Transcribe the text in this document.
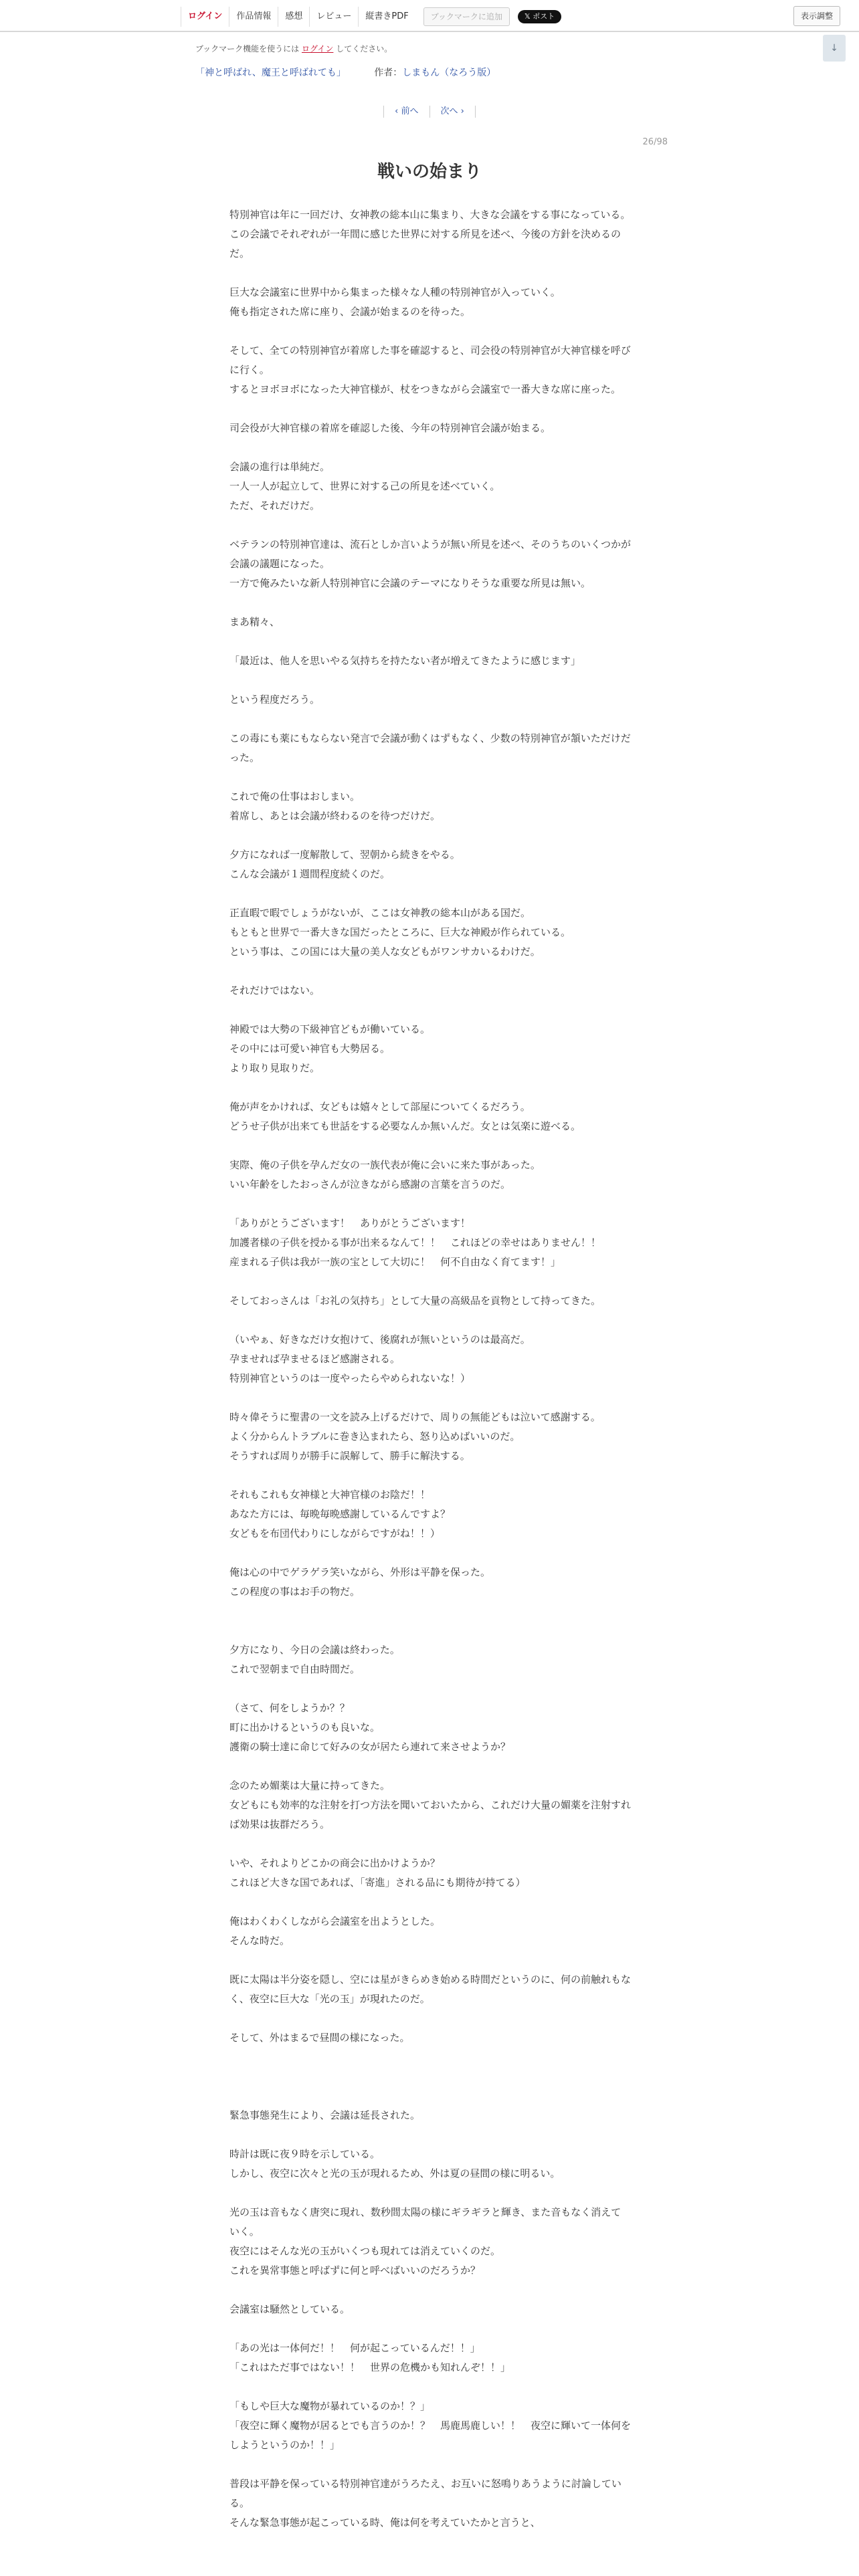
ログイン	作品情報	感想	レビュー	縦書きPDF	ブックマークに追加	𝕏 ポスト	表示調整
↓
ブックマーク機能を使うには ログイン してください。
「神と呼ばれ、魔王と呼ばれても」	作者：しまもん（なろう版）
‹ 前へ	次へ ›
26/98
戦いの始まり

特別神官は年に一回だけ、女神教の総本山に集まり、大きな会議をする事になっている。

この会議でそれぞれが一年間に感じた世界に対する所見を述べ、今後の方針を決めるのだ。

巨大な会議室に世界中から集まった様々な人種の特別神官が入っていく。

俺も指定された席に座り、会議が始まるのを待った。

そして、全ての特別神官が着席した事を確認すると、司会役の特別神官が大神官様を呼びに行く。

するとヨボヨボになった大神官様が、杖をつきながら会議室で一番大きな席に座った。

司会役が大神官様の着席を確認した後、今年の特別神官会議が始まる。

会議の進行は単純だ。

一人一人が起立して、世界に対する己の所見を述べていく。

ただ、それだけだ。

ベテランの特別神官達は、流石としか言いようが無い所見を述べ、そのうちのいくつかが会議の議題になった。

一方で俺みたいな新人特別神官に会議のテーマになりそうな重要な所見は無い。

まあ精々、

「最近は、他人を思いやる気持ちを持たない者が増えてきたように感じます」

という程度だろう。

この毒にも薬にもならない発言で会議が動くはずもなく、少数の特別神官が頷いただけだった。

これで俺の仕事はおしまい。

着席し、あとは会議が終わるのを待つだけだ。

夕方になれば一度解散して、翌朝から続きをやる。

こんな会議が１週間程度続くのだ。

正直暇で暇でしょうがないが、ここは女神教の総本山がある国だ。

もともと世界で一番大きな国だったところに、巨大な神殿が作られている。

という事は、この国には大量の美人な女どもがワンサカいるわけだ。

それだけではない。

神殿では大勢の下級神官どもが働いている。

その中には可愛い神官も大勢居る。

より取り見取りだ。

俺が声をかければ、女どもは嬉々として部屋についてくるだろう。

どうせ子供が出来ても世話をする必要なんか無いんだ。女とは気楽に遊べる。

実際、俺の子供を孕んだ女の一族代表が俺に会いに来た事があった。

いい年齢をしたおっさんが泣きながら感謝の言葉を言うのだ。

「ありがとうございます！　ありがとうございます！

加護者様の子供を授かる事が出来るなんて！！　これほどの幸せはありません！！

産まれる子供は我が一族の宝として大切に！　何不自由なく育てます！」

そしておっさんは「お礼の気持ち」として大量の高級品を貢物として持ってきた。

（いやぁ、好きなだけ女抱けて、後腐れが無いというのは最高だ。

孕ませれば孕ませるほど感謝される。

特別神官というのは一度やったらやめられないな！）

時々偉そうに聖書の一文を読み上げるだけで、周りの無能どもは泣いて感謝する。

よく分からんトラブルに巻き込まれたら、怒り込めばいいのだ。

そうすれば周りが勝手に誤解して、勝手に解決する。

それもこれも女神様と大神官様のお陰だ！！

あなた方には、毎晩毎晩感謝しているんですよ？

女どもを布団代わりにしながらですがね！！）

俺は心の中でゲラゲラ笑いながら、外形は平静を保った。

この程度の事はお手の物だ。

夕方になり、今日の会議は終わった。

これで翌朝まで自由時間だ。

（さて、何をしようか？？

町に出かけるというのも良いな。

護衛の騎士達に命じて好みの女が居たら連れて来させようか？

念のため媚薬は大量に持ってきた。

女どもにも効率的な注射を打つ方法を聞いておいたから、これだけ大量の媚薬を注射すれば効果は抜群だろう。

いや、それよりどこかの商会に出かけようか？

これほど大きな国であれば、「寄進」される品にも期待が持てる）

俺はわくわくしながら会議室を出ようとした。

そんな時だ。

既に太陽は半分姿を隠し、空には星がきらめき始める時間だというのに、何の前触れもなく、夜空に巨大な「光の玉」が現れたのだ。

そして、外はまるで昼間の様になった。

緊急事態発生により、会議は延長された。

時計は既に夜９時を示している。

しかし、夜空に次々と光の玉が現れるため、外は夏の昼間の様に明るい。

光の玉は音もなく唐突に現れ、数秒間太陽の様にギラギラと輝き、また音もなく消えていく。

夜空にはそんな光の玉がいくつも現れては消えていくのだ。

これを異常事態と呼ばずに何と呼べばいいのだろうか？

会議室は騒然としている。

「あの光は一体何だ！！　何が起こっているんだ！！」

「これはただ事ではない！！　世界の危機かも知れんぞ！！」

「もしや巨大な魔物が暴れているのか！？」

「夜空に輝く魔物が居るとでも言うのか！？　馬鹿馬鹿しい！！　夜空に輝いて一体何をしようというのか！！」

普段は平静を保っている特別神官達がうろたえ、お互いに怒鳴りあうように討論している。

そんな緊急事態が起こっている時、俺は何を考えていたかと言うと、
